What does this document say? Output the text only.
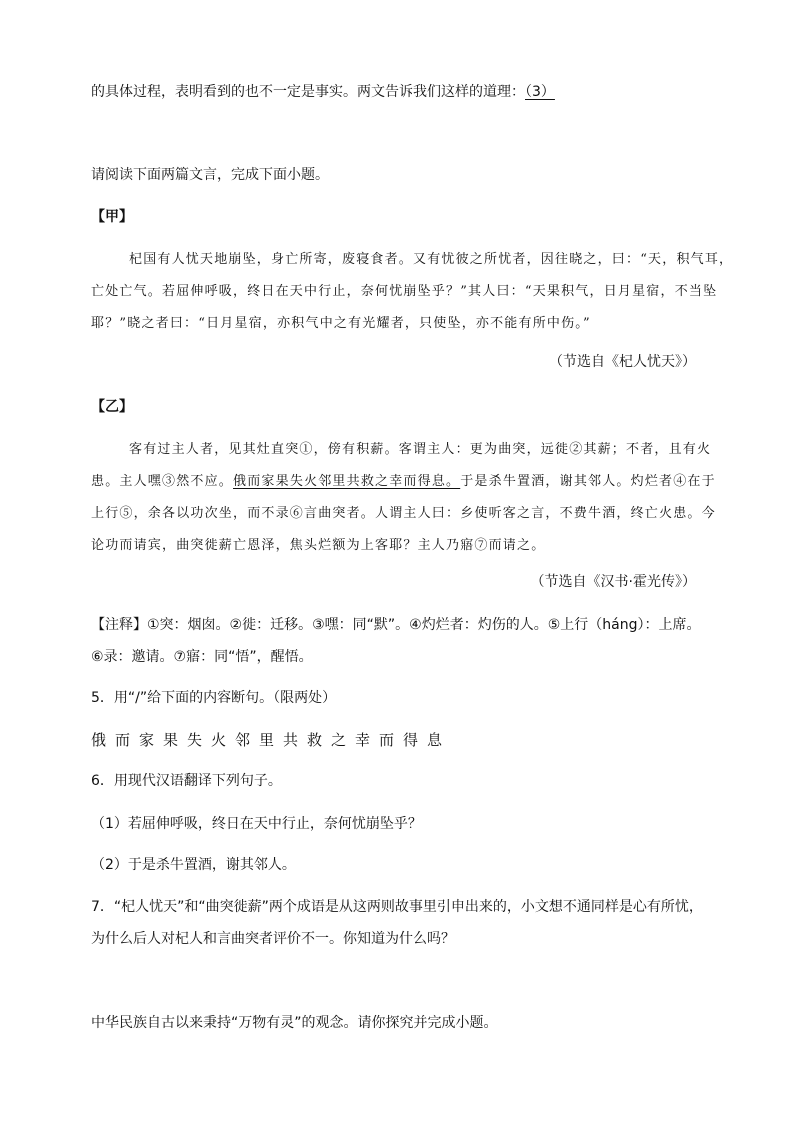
的具体过程，表明看到的也不一定是事实。两文告诉我们这样的道理：（3）
请阅读下面两篇文言，完成下面小题。
【甲】
杞国有人忧天地崩坠，身亡所寄，废寝食者。又有忧彼之所忧者，因往晓之，曰：“天，积气耳，
亡处亡气。若屈伸呼吸，终日在天中行止，奈何忧崩坠乎？”其人曰：“天果积气，日月星宿，不当坠
耶？”晓之者曰：“日月星宿，亦积气中之有光耀者，只使坠，亦不能有所中伤。”
（节选自《杞人忧天》）
【乙】
客有过主人者，见其灶直突①，傍有积薪。客谓主人：更为曲突，远徙②其薪；不者，且有火
患。主人嘿③然不应。俄而家果失火邻里共救之幸而得息。于是杀牛置酒，谢其邻人。灼烂者④在于
上行⑤，余各以功次坐，而不录⑥言曲突者。人谓主人曰：乡使听客之言，不费牛酒，终亡火患。今
论功而请宾，曲突徙薪亡恩泽，焦头烂额为上客耶？主人乃寤⑦而请之。
（节选自《汉书·霍光传》）
【注释】①突：烟囱。②徙：迁移。③嘿：同“默”。④灼烂者：灼伤的人。⑤上行（háng）：上席。
⑥录：邀请。⑦寤：同“悟”，醒悟。
5．用“/”给下面的内容断句。（限两处）
俄而家果失火邻里共救之幸而得息
6．用现代汉语翻译下列句子。
（1）若屈伸呼吸，终日在天中行止，奈何忧崩坠乎？
（2）于是杀牛置酒，谢其邻人。
7．“杞人忧天”和“曲突徙薪”两个成语是从这两则故事里引申出来的，小文想不通同样是心有所忧，
为什么后人对杞人和言曲突者评价不一。你知道为什么吗？
中华民族自古以来秉持“万物有灵”的观念。请你探究并完成小题。
